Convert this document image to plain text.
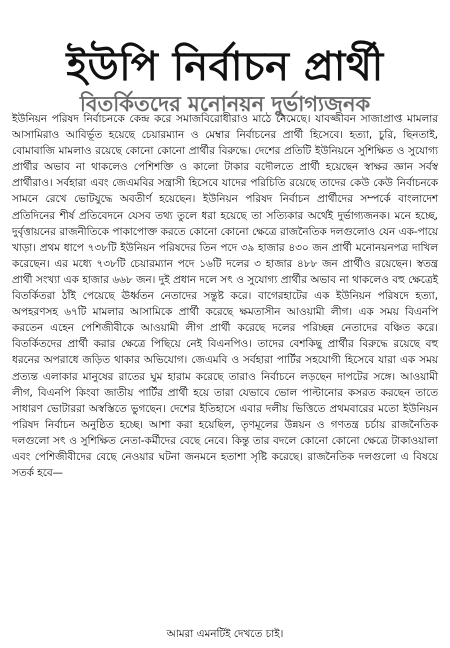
ইউপি নির্বাচন প্রার্থী
বিতর্কিতদের মনোনয়ন দুর্ভাগ্যজনক

ইউনিয়ন পরিষদ নির্বাচনকে কেন্দ্র করে সমাজবিরোধীরাও মাঠে নেমেছে। যাবজ্জীবন সাজাপ্রাপ্ত মামলার আসামিরাও আবির্ভূত হয়েছে চেয়ারম্যান ও মেম্বার নির্বাচনের প্রার্থী হিসেবে। হত্যা, চুরি, ছিনতাই, বোমাবাজি মামলাও রয়েছে কোনো কোনো প্রার্থীর বিরুদ্ধে। দেশের প্রতিটি ইউনিয়নে সুশিক্ষিত ও সুযোগ্য প্রার্থীর অভাব না থাকলেও পেশিশক্তি ও কালো টাকার বদৌলতে প্রার্থী হয়েছেন স্বাক্ষর জ্ঞান সর্বস্ব প্রার্থীরাও। সর্বহারা এবং জেএমবির সন্ত্রাসী হিসেবে যাদের পরিচিতি রয়েছে তাদের কেউ কেউ নির্বাচনকে সামনে রেখে ভোটযুদ্ধে অবতীর্ণ হয়েছেন। ইউনিয়ন পরিষদ নির্বাচন প্রার্থীদের সম্পর্কে বাংলাদেশ প্রতিদিনের শীর্ষ প্রতিবেদনে যেসব তথ্য তুলে ধরা হয়েছে তা সত্যিকার অর্থেই দুর্ভাগ্যজনক। মনে হচ্ছে, দুর্বৃত্তায়নের রাজনীতিকে পাকাপোক্ত করতে কোনো কোনো ক্ষেত্রে রাজনৈতিক দলগুলোও যেন এক-পায়ে খাড়া। প্রথম ধাপে ৭৩৮টি ইউনিয়ন পরিষদের তিন পদে ৩৯ হাজার ৪৩০ জন প্রার্থী মনোনয়নপত্র দাখিল করেছেন। এর মধ্যে ৭৩৮টি চেয়ারম্যান পদে ১৬টি দলের ৩ হাজার ৪৮৮ জন প্রার্থীও রয়েছেন। স্বতন্ত্র প্রার্থী সংখ্যা এক হাজার ৬৬৮ জন। দুই প্রধান দলে সৎ ও সুযোগ্য প্রার্থীর অভাব না থাকলেও বহু ক্ষেত্রেই বিতর্কিতরা ঠাঁই পেয়েছে ঊর্ধ্বতন নেতাদের সন্তুষ্ট করে। বাগেরহাটের এক ইউনিয়ন পরিষদে হত্যা, অপহরণসহ ৬৭টি মামলার আসামিকে প্রার্থী করেছে ক্ষমতাসীন আওয়ামী লীগ। এক সময় বিএনপি করতেন এহেন পেশিজীবীকে আওয়ামী লীগ প্রার্থী করেছে দলের পরিচ্ছন্ন নেতাদের বঞ্চিত করে। বিতর্কিতদের প্রার্থী করার ক্ষেত্রে পিছিয়ে নেই বিএনপিও। তাদের বেশকিছু প্রার্থীর বিরুদ্ধে রয়েছে বহু ধরনের অপরাধে জড়িত থাকার অভিযোগ। জেএমবি ও সর্বহারা পার্টির সহযোগী হিসেবে যারা এক সময় প্রত্যন্ত এলাকার মানুষের রাতের ঘুম হারাম করেছে তারাও নির্বাচনে লড়ছেন দাপটের সঙ্গে। আওয়ামী লীগ, বিএনপি কিংবা জাতীয় পার্টির প্রার্থী হয়ে তারা যেভাবে ভোল পাল্টানোর কসরত করছেন তাতে সাধারণ ভোটাররা অস্বস্তিতে ভুগছেন। দেশের ইতিহাসে এবার দলীয় ভিত্তিতে প্রথমবারের মতো ইউনিয়ন পরিষদ নির্বাচন অনুষ্ঠিত হচ্ছে। আশা করা হয়েছিল, তৃণমূলের উন্নয়ন ও গণতন্ত্র চর্চায় রাজনৈতিক দলগুলো সৎ ও সুশিক্ষিত নেতা-কর্মীদের বেছে নেবে। কিন্তু তার বদলে কোনো কোনো ক্ষেত্রে টাকাওয়ালা এবং পেশিজীবীদের বেছে নেওয়ার ঘটনা জনমনে হতাশা সৃষ্টি করেছে। রাজনৈতিক দলগুলো এ বিষয়ে সতর্ক হবে—

আমরা এমনটিই দেখতে চাই।
